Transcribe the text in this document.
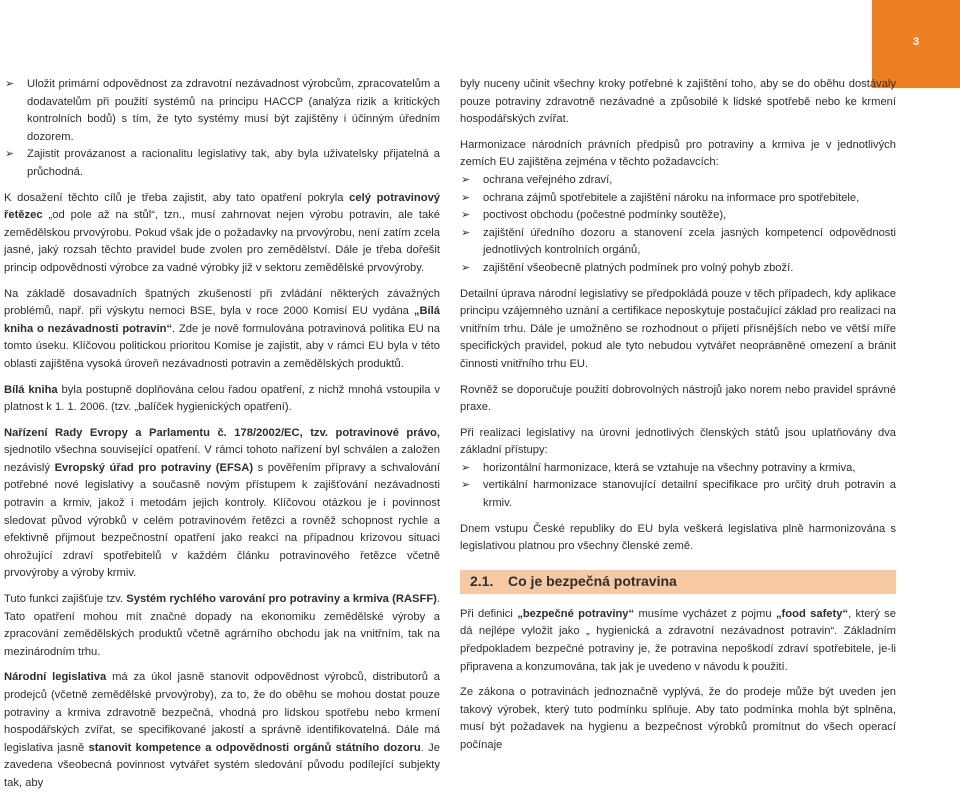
3
➢ Uložit primární odpovědnost za zdravotní nezávadnost výrobcům, zpracovatelům a dodavatelům při použití systémů na principu HACCP (analýza rizik a kritických kontrolních bodů) s tím, že tyto systémy musí být zajištěny i účinným úředním dozorem.
➢ Zajistit provázanost a racionalitu legislativy tak, aby byla uživatelsky přijatelná a průchodná.

K dosažení těchto cílů je třeba zajistit, aby tato opatření pokryla celý potravinový řetězec „od pole až na stůl“, tzn., musí zahrnovat nejen výrobu potravin, ale také zemědělskou prvovýrobu. Pokud však jde o požadavky na prvovýrobu, není zatím zcela jasné, jaký rozsah těchto pravidel bude zvolen pro zemědělství. Dále je třeba dořešit princip odpovědnosti výrobce za vadné výrobky již v sektoru zemědělské prvovýroby.

Na základě dosavadních špatných zkušeností při zvládání některých závažných problémů, např. při výskytu nemoci BSE, byla v roce 2000 Komisí EU vydána „Bílá kniha o nezávadnosti potravin“. Zde je nově formulována potravinová politika EU na tomto úseku. Klíčovou politickou prioritou Komise je zajistit, aby v rámci EU byla v této oblasti zajištěna vysoká úroveň nezávadnosti potravin a zemědělských produktů.

Bílá kniha byla postupně doplňována celou řadou opatření, z nichž mnohá vstoupila v platnost k 1. 1. 2006. (tzv. „balíček hygienických opatření).

Nařízení Rady Evropy a Parlamentu č. 178/2002/EC, tzv. potravinové právo, sjednotilo všechna související opatření. V rámci tohoto nařízení byl schválen a založen nezávislý Evropský úřad pro potraviny (EFSA) s pověřením přípravy a schvalování potřebné nové legislativy a současně novým přístupem k zajišťování nezávadnosti potravin a krmiv, jakož i metodám jejich kontroly. Klíčovou otázkou je i povinnost sledovat původ výrobků v celém potravinovém řetězci a rovněž schopnost rychle a efektivně přijmout bezpečnostní opatření jako reakci na případnou krizovou situaci ohrožující zdraví spotřebitelů v každém článku potravinového řetězce včetně prvovýroby a výroby krmiv.

Tuto funkci zajišťuje tzv. Systém rychlého varování pro potraviny a krmiva (RASFF). Tato opatření mohou mít značné dopady na ekonomiku zemědělské výroby a zpracování zemědělských produktů včetně agrárního obchodu jak na vnitřním, tak na mezinárodním trhu.

Národní legislativa má za úkol jasně stanovit odpovědnost výrobců, distributorů a prodejců (včetně zemědělské prvovýroby), za to, že do oběhu se mohou dostat pouze potraviny a krmiva zdravotně bezpečná, vhodná pro lidskou spotřebu nebo krmení hospodářských zvířat, se specifikované jakostí a správně identifikovatelná. Dále má legislativa jasně stanovit kompetence a odpovědnosti orgánů státního dozoru. Je zavedena všeobecná povinnost vytvářet systém sledování původu podílející subjekty tak, aby

byly nuceny učinit všechny kroky potřebné k zajištění toho, aby se do oběhu dostávaly pouze potraviny zdravotně nezávadné a způsobilé k lidské spotřebě nebo ke krmení hospodářských zvířat.

Harmonizace národních právních předpisů pro potraviny a krmiva je v jednotlivých zemích EU zajištěna zejména v těchto požadavcích:

➢ ochrana veřejného zdraví,
➢ ochrana zájmů spotřebitele a zajištění nároku na informace pro spotřebitele,
➢ poctivost obchodu (počestné podmínky soutěže),
➢ zajištění úředního dozoru a stanovení zcela jasných kompetencí odpovědnosti jednotlivých kontrolních orgánů,
➢ zajištění všeobecně platných podmínek pro volný pohyb zboží.

Detailní úprava národní legislativy se předpokládá pouze v těch případech, kdy aplikace principu vzájemného uznání a certifikace neposkytuje postačující základ pro realizaci na vnitřním trhu. Dále je umožněno se rozhodnout o přijetí přísnějších nebo ve větší míře specifických pravidel, pokud ale tyto nebudou vytvářet neopráвněné omezení a bránit činnosti vnitřního trhu EU.

Rovněž se doporučuje použití dobrovolných nástrojů jako norem nebo pravidel správné praxe.

Při realizaci legislativy na úrovni jednotlivých členských států jsou uplatňovány dva základní přístupy:

➢ horizontální harmonizace, která se vztahuje na všechny potraviny a krmiva,
➢ vertikální harmonizace stanovující detailní specifikace pro určitý druh potravin a krmiv.

Dnem vstupu České republiky do EU byla veškerá legislativa plně harmonizována s legislativou platnou pro všechny členské země.

2.1.	Co je bezpečná potravina

Při definici „bezpečné potraviny“ musíme vycházet z pojmu „food safety“, který se dá nejlépe vyložit jako „ hygienická a zdravotní nezávadnost potravin“. Základním předpokladem bezpečné potraviny je, že potravina nepoškodí zdraví spotřebitele, je-li připravena a konzumována, tak jak je uvedeno v návodu k použití.

Ze zákona o potravinách jednoznačně vyplývá, že do prodeje může být uveden jen takový výrobek, který tuto podmínku splňuje. Aby tato podmínka mohla být splněna, musí být požadavek na hygienu a bezpečnost výrobků promítnut do všech operací počínaje
